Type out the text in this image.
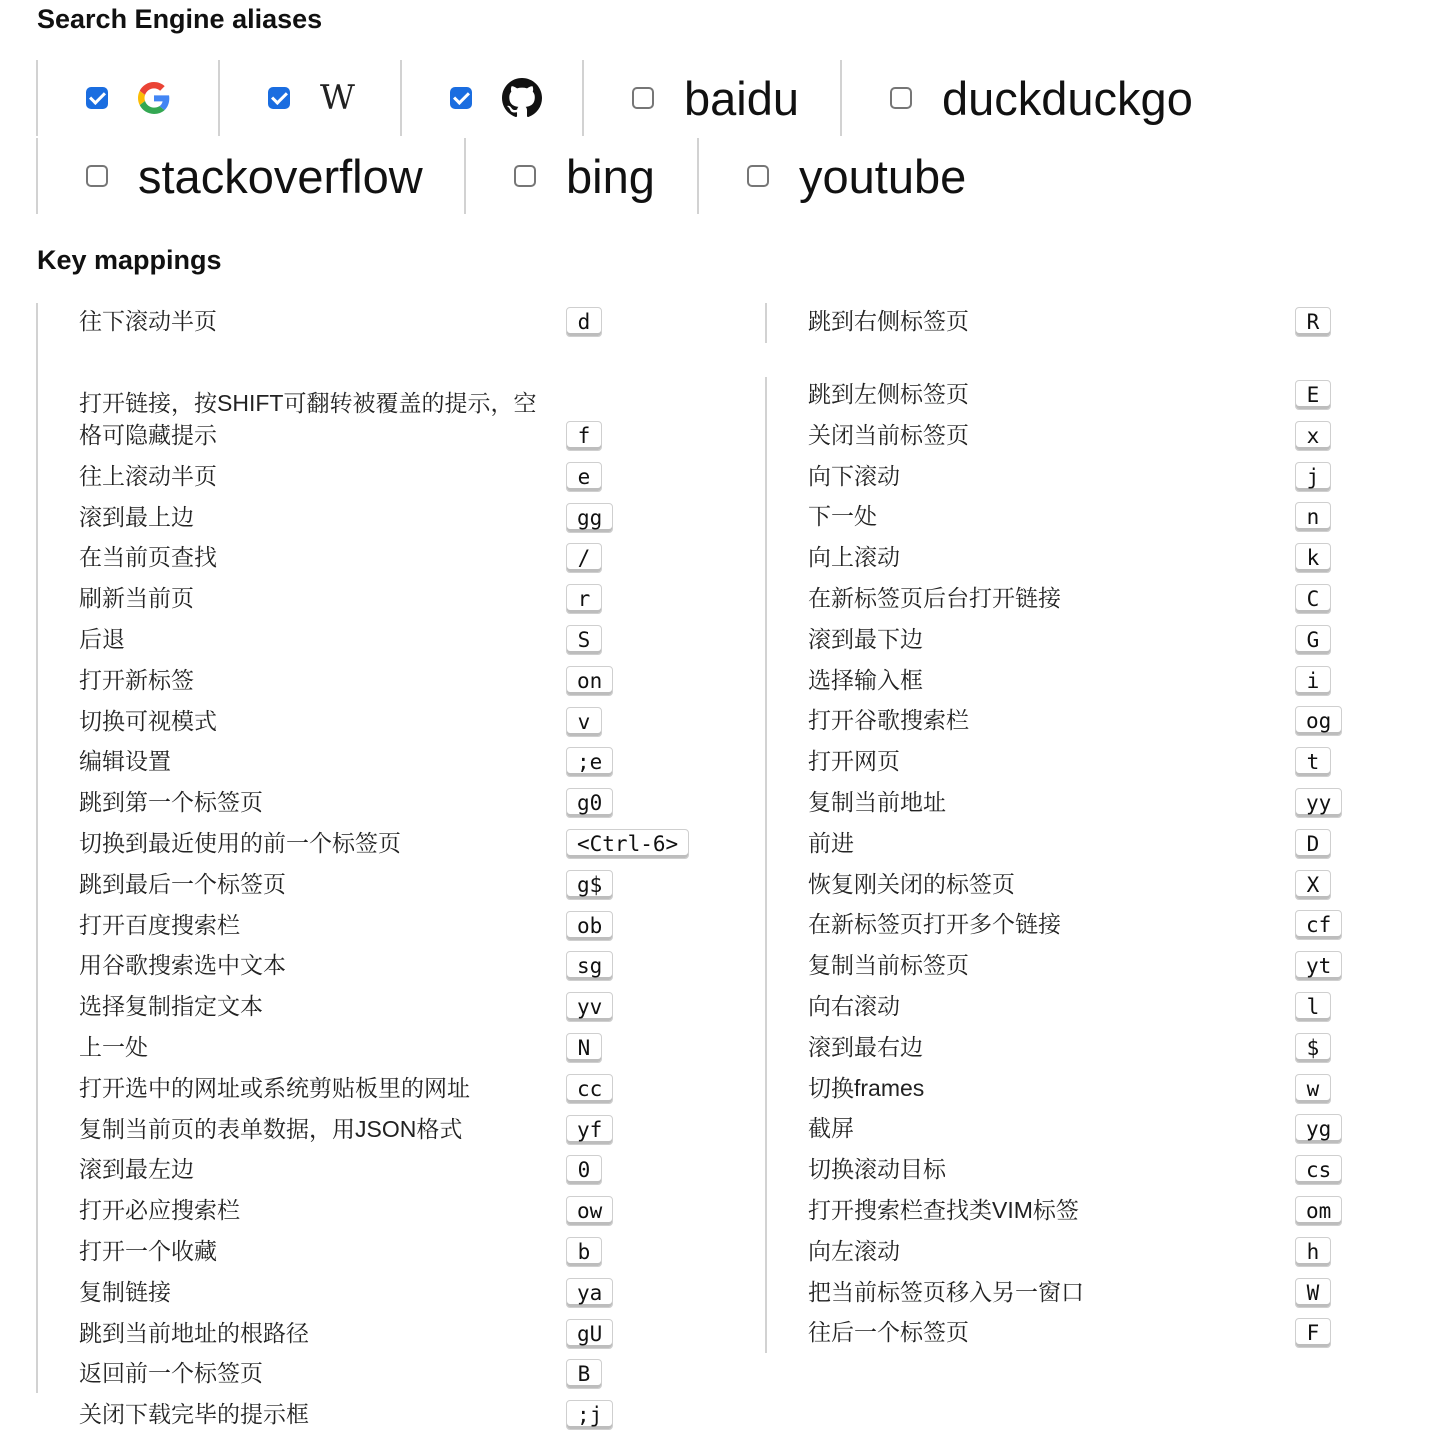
Search Engine aliases
W	baidu	duckduckgo
stackoverflow	bing	youtube
Key mappings
往下滚动半页	d
打开链接，按SHIFT可翻转被覆盖的提示，空
格可隐藏提示	f
往上滚动半页	e
滚到最上边	gg
在当前页查找	/
刷新当前页	r
后退	S
打开新标签	on
切换可视模式	v
编辑设置	;e
跳到第一个标签页	g0
切换到最近使用的前一个标签页	<Ctrl-6>
跳到最后一个标签页	g$
打开百度搜索栏	ob
用谷歌搜索选中文本	sg
选择复制指定文本	yv
上一处	N
打开选中的网址或系统剪贴板里的网址	cc
复制当前页的表单数据，用JSON格式	yf
滚到最左边	0
打开必应搜索栏	ow
打开一个收藏	b
复制链接	ya
跳到当前地址的根路径	gU
返回前一个标签页	B
关闭下载完毕的提示框	;j
跳到右侧标签页	R
跳到左侧标签页	E
关闭当前标签页	x
向下滚动	j
下一处	n
向上滚动	k
在新标签页后台打开链接	C
滚到最下边	G
选择输入框	i
打开谷歌搜索栏	og
打开网页	t
复制当前地址	yy
前进	D
恢复刚关闭的标签页	X
在新标签页打开多个链接	cf
复制当前标签页	yt
向右滚动	l
滚到最右边	$
切换frames	w
截屏	yg
切换滚动目标	cs
打开搜索栏查找类VIM标签	om
向左滚动	h
把当前标签页移入另一窗口	W
往后一个标签页	F
